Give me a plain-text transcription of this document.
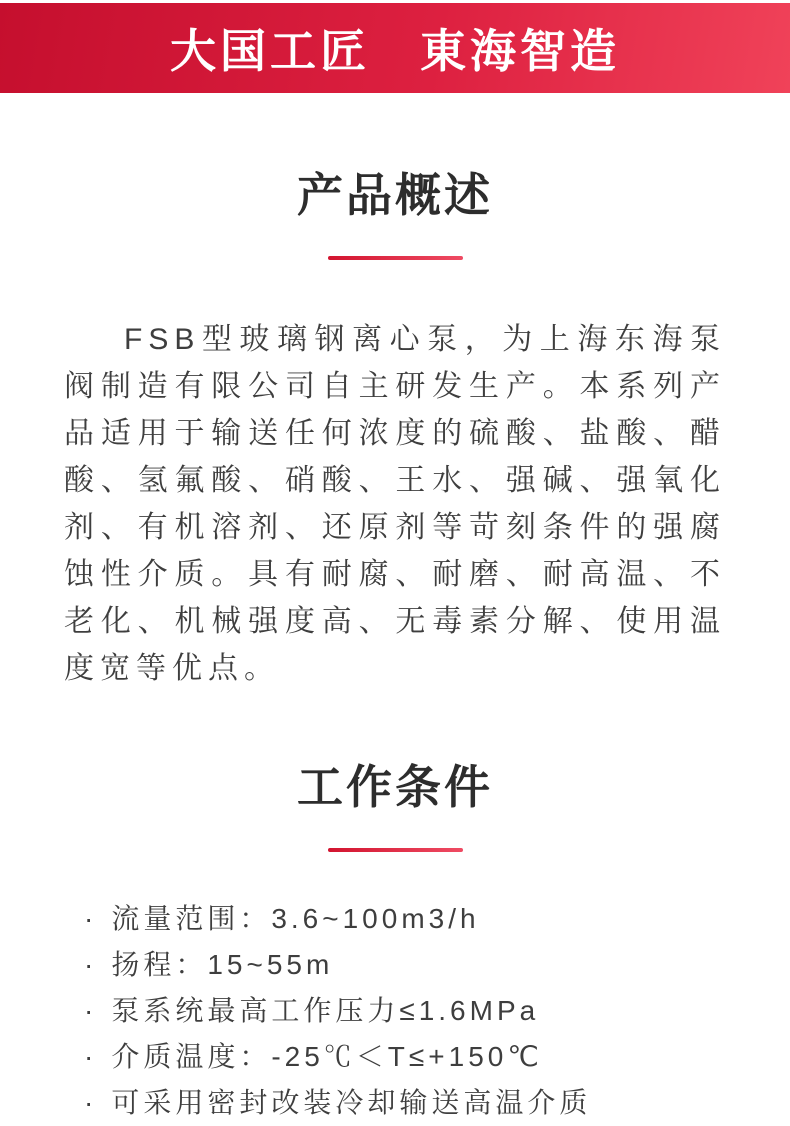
大国工匠　東海智造
产品概述

FSB型玻璃钢离心泵，为上海东海泵阀制造有限公司自主研发生产。本系列产品适用于输送任何浓度的硫酸、盐酸、醋酸、氢氟酸、硝酸、王水、强碱、强氧化剂、有机溶剂、还原剂等苛刻条件的强腐蚀性介质。具有耐腐、耐磨、耐高温、不老化、机械强度高、无毒素分解、使用温度宽等优点。

工作条件
· 流量范围：3.6~100m3/h
· 扬程：15~55m
· 泵系统最高工作压力≤1.6MPa
· 介质温度：-25℃＜T≤+150℃
· 可采用密封改装冷却输送高温介质
